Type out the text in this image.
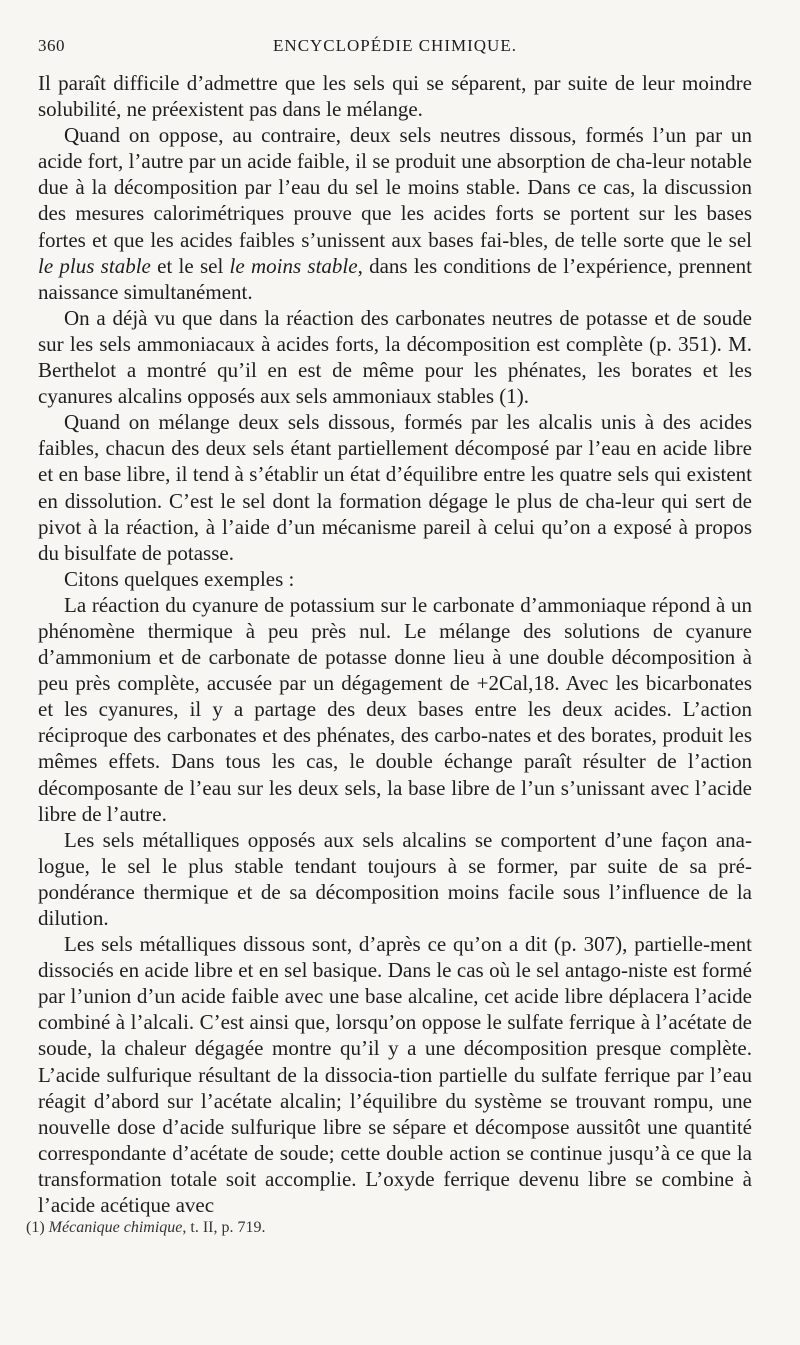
360	ENCYCLOPÉDIE CHIMIQUE.

Il paraît difficile d’admettre que les sels qui se séparent, par suite de leur moindre solubilité, ne préexistent pas dans le mélange.

Quand on oppose, au contraire, deux sels neutres dissous, formés l’un par un acide fort, l’autre par un acide faible, il se produit une absorption de cha-leur notable due à la décomposition par l’eau du sel le moins stable. Dans ce cas, la discussion des mesures calorimétriques prouve que les acides forts se portent sur les bases fortes et que les acides faibles s’unissent aux bases fai-bles, de telle sorte que le sel le plus stable et le sel le moins stable, dans les conditions de l’expérience, prennent naissance simultanément.

On a déjà vu que dans la réaction des carbonates neutres de potasse et de soude sur les sels ammoniacaux à acides forts, la décomposition est complète (p. 351). M. Berthelot a montré qu’il en est de même pour les phénates, les borates et les cyanures alcalins opposés aux sels ammoniaux stables (1).

Quand on mélange deux sels dissous, formés par les alcalis unis à des acides faibles, chacun des deux sels étant partiellement décomposé par l’eau en acide libre et en base libre, il tend à s’établir un état d’équilibre entre les quatre sels qui existent en dissolution. C’est le sel dont la formation dégage le plus de cha-leur qui sert de pivot à la réaction, à l’aide d’un mécanisme pareil à celui qu’on a exposé à propos du bisulfate de potasse.

Citons quelques exemples :

La réaction du cyanure de potassium sur le carbonate d’ammoniaque répond à un phénomène thermique à peu près nul. Le mélange des solutions de cyanure d’ammonium et de carbonate de potasse donne lieu à une double décomposition à peu près complète, accusée par un dégagement de +2Cal,18. Avec les bicarbonates et les cyanures, il y a partage des deux bases entre les deux acides. L’action réciproque des carbonates et des phénates, des carbo-nates et des borates, produit les mêmes effets. Dans tous les cas, le double échange paraît résulter de l’action décomposante de l’eau sur les deux sels, la base libre de l’un s’unissant avec l’acide libre de l’autre.

Les sels métalliques opposés aux sels alcalins se comportent d’une façon ana-logue, le sel le plus stable tendant toujours à se former, par suite de sa pré-pondérance thermique et de sa décomposition moins facile sous l’influence de la dilution.

Les sels métalliques dissous sont, d’après ce qu’on a dit (p. 307), partielle-ment dissociés en acide libre et en sel basique. Dans le cas où le sel antago-niste est formé par l’union d’un acide faible avec une base alcaline, cet acide libre déplacera l’acide combiné à l’alcali. C’est ainsi que, lorsqu’on oppose le sulfate ferrique à l’acétate de soude, la chaleur dégagée montre qu’il y a une décomposition presque complète. L’acide sulfurique résultant de la dissocia-tion partielle du sulfate ferrique par l’eau réagit d’abord sur l’acétate alcalin; l’équilibre du système se trouvant rompu, une nouvelle dose d’acide sulfurique libre se sépare et décompose aussitôt une quantité correspondante d’acétate de soude; cette double action se continue jusqu’à ce que la transformation totale soit accomplie. L’oxyde ferrique devenu libre se combine à l’acide acétique avec

(1) Mécanique chimique, t. II, p. 719.
